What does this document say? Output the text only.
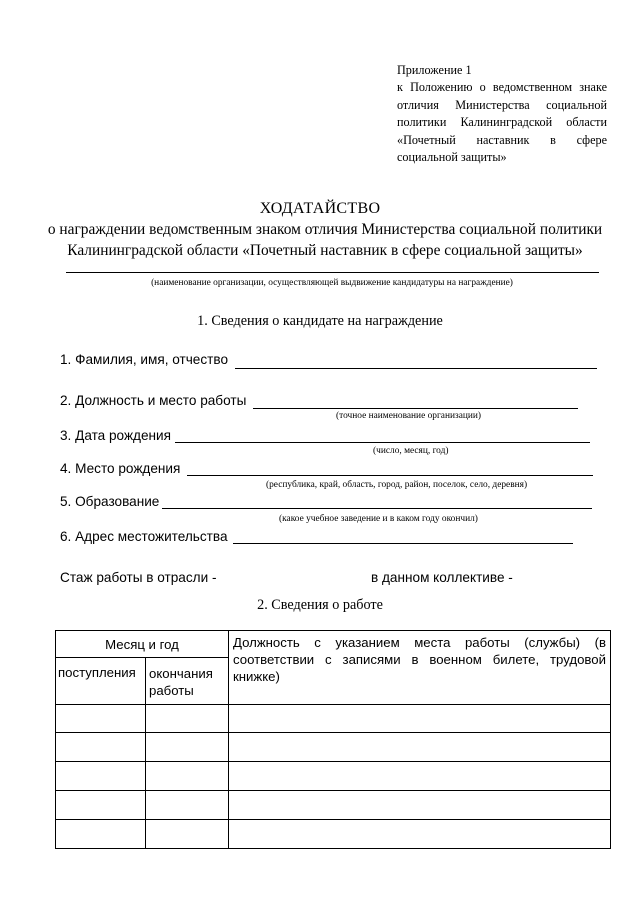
Приложение 1
к Положению о ведомственном знаке
отличия Министерства социальной
политики Калининградской области
«Почетный наставник в сфере
социальной защиты»
ХОДАТАЙСТВО
о награждении ведомственным знаком отличия Министерства социальной политики
Калининградской области «Почетный наставник в сфере социальной защиты»
(наименование организации, осуществляющей выдвижение кандидатуры на награждение)
1. Сведения о кандидате на награждение
1. Фамилия, имя, отчество
2. Должность и место работы
(точное наименование организации)
3. Дата рождения
(число, месяц, год)
4. Место рождения
(республика, край, область, город, район, поселок, село, деревня)
5. Образование
(какое учебное заведение и в каком году окончил)
6. Адрес местожительства
Стаж работы в отрасли -	в данном коллективе -
2. Сведения о работе
Месяц и год		Должность с указанием места работы (службы) (в соответствии с записями в военном билете, трудовой книжке)
поступления	окончания
работы	
